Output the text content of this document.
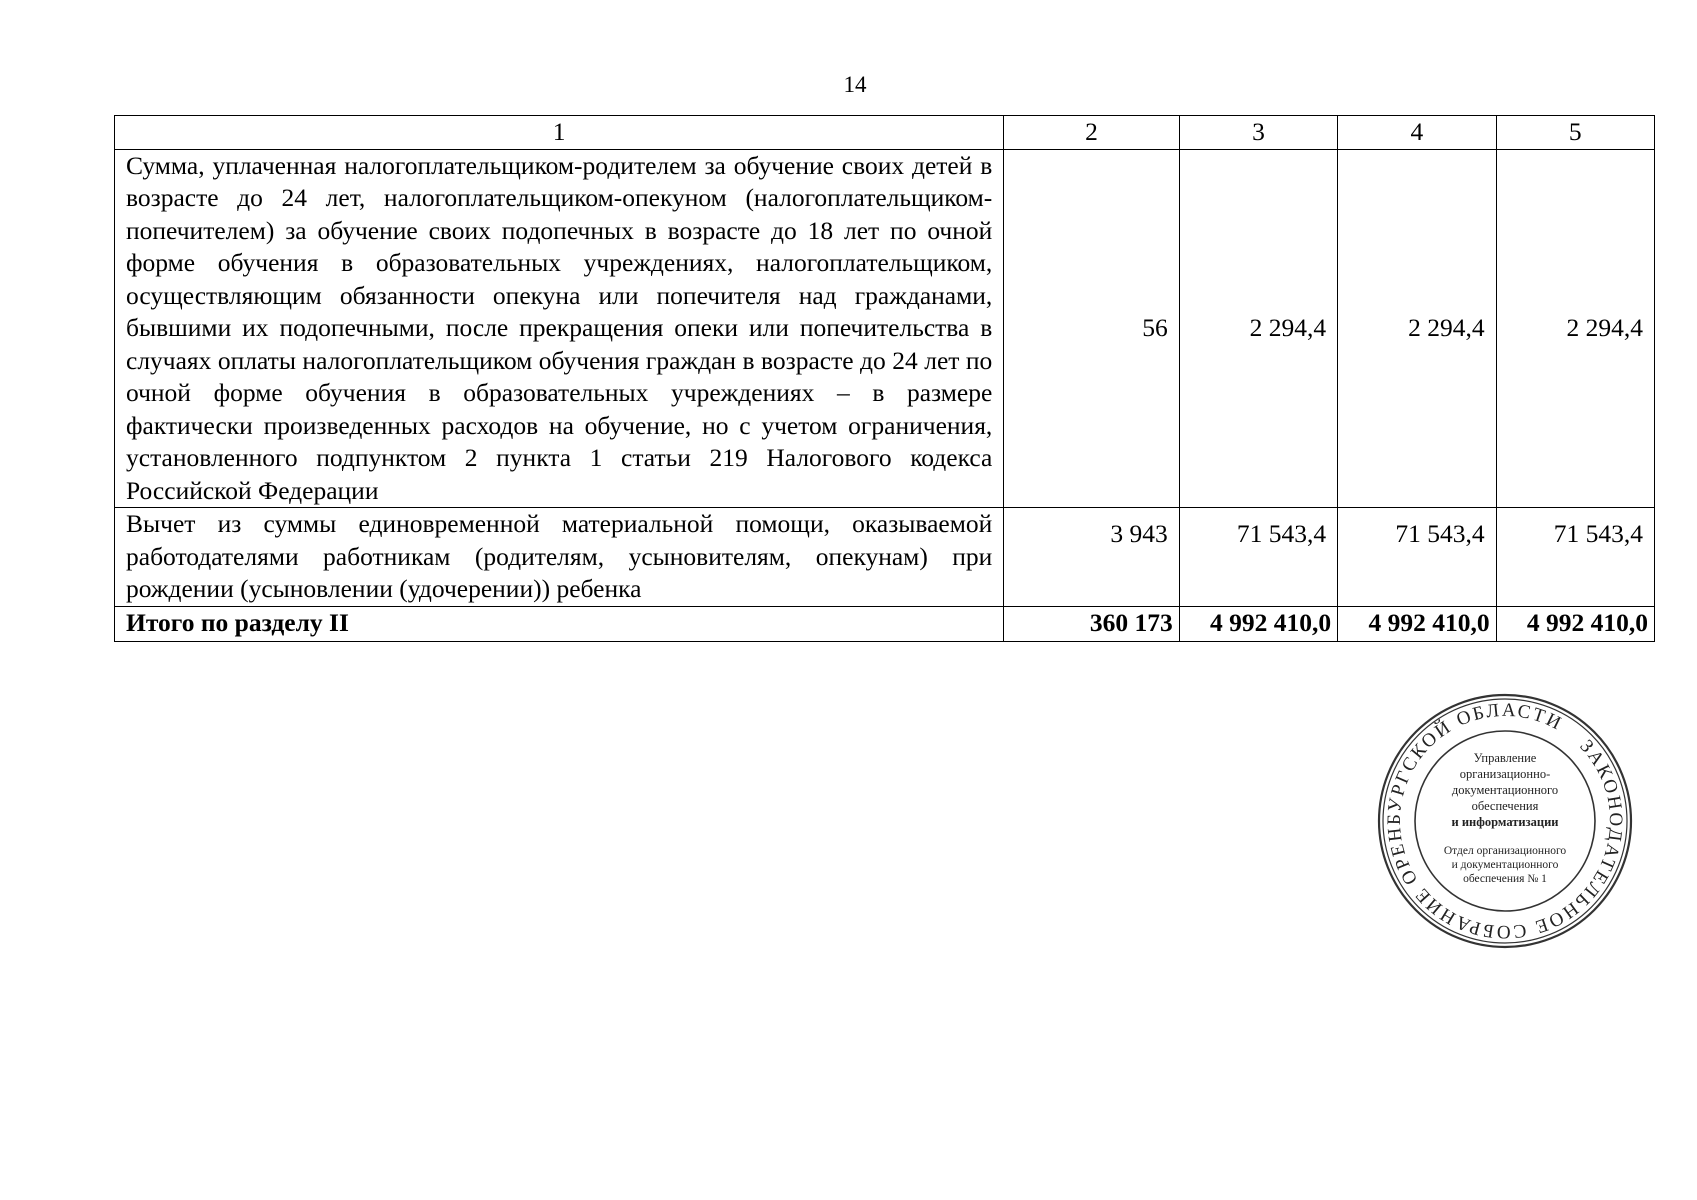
14
1	2	3	4	5
Сумма, уплаченная налогоплательщиком-родителем за обучение своих детей в возрасте до 24 лет, налогоплательщиком-опекуном (налогоплательщиком-попечителем) за обучение своих подопечных в возрасте до 18 лет по очной форме обучения в образовательных учреждениях, налогоплательщиком, осуществляющим обязанности опекуна или попечителя над гражданами, бывшими их подопечными, после прекращения опеки или попечительства в случаях оплаты налогоплательщиком обучения граждан в возрасте до 24 лет по очной форме обучения в образовательных учреждениях – в размере фактически произведенных расходов на обучение, но с учетом ограничения, установленного подпунктом 2 пункта 1 статьи 219 Налогового кодекса Российской Федерации	56	2 294,4	2 294,4	2 294,4
Вычет из суммы единовременной материальной помощи, оказываемой работодателями работникам (родителям, усыновителям, опекунам) при рождении (усыновлении (удочерении)) ребенка	3 943	71 543,4	71 543,4	71 543,4
Итого по разделу II	360 173	4 992 410,0	4 992 410,0	4 992 410,0
ЗАКОНОДАТЕЛЬНОЕ СОБРАНИЕ ОРЕНБУРГСКОЙ ОБЛАСТИ
Управление
организационно-
документационного
обеспечения
и информатизации
Отдел организационного
и документационного
обеспечения № 1
